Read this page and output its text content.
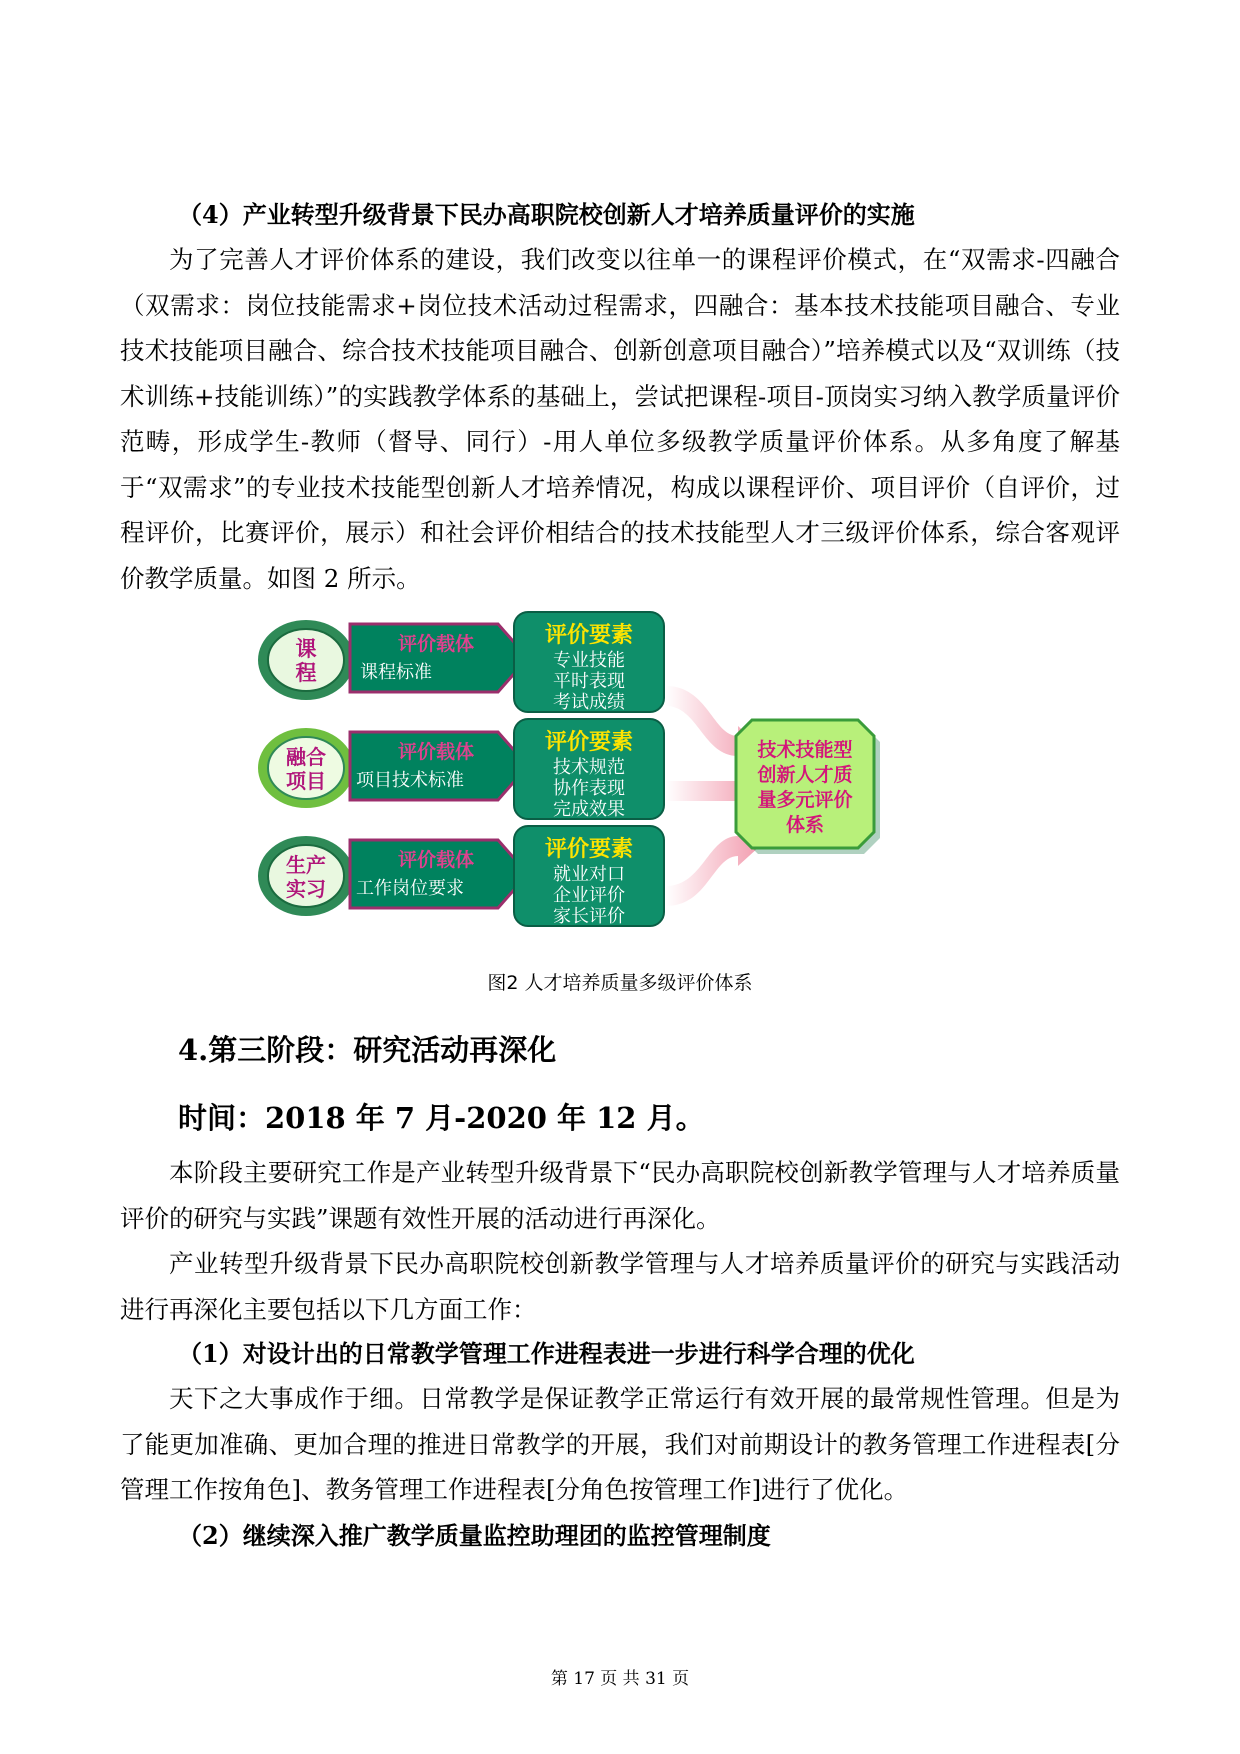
（4）产业转型升级背景下民办高职院校创新人才培养质量评价的实施
为了完善人才评价体系的建设，我们改变以往单一的课程评价模式，在“双需求-四融合（双需求：岗位技能需求+岗位技术活动过程需求，四融合：基本技术技能项目融合、专业技术技能项目融合、综合技术技能项目融合、创新创意项目融合）”培养模式以及“双训练（技术训练+技能训练）”的实践教学体系的基础上，尝试把课程-项目-顶岗实习纳入教学质量评价范畴，形成学生-教师（督导、同行）-用人单位多级教学质量评价体系。从多角度了解基于“双需求”的专业技术技能型创新人才培养情况，构成以课程评价、项目评价（自评价，过程评价，比赛评价，展示）和社会评价相结合的技术技能型人才三级评价体系，综合客观评价教学质量。如图 2 所示。
课
程
融合
项目
生产
实习
评价载体
评价载体
评价载体
评价要素
评价要素
评价要素
技术技能型
创新人才质
量多元评价
体系
课程标准
项目技术标准
工作岗位要求
专业技能
平时表现
考试成绩
技术规范
协作表现
完成效果
就业对口
企业评价
家长评价
图2 人才培养质量多级评价体系
4.第三阶段：研究活动再深化
时间：2018 年 7 月-2020 年 12 月。
本阶段主要研究工作是产业转型升级背景下“民办高职院校创新教学管理与人才培养质量评价的研究与实践”课题有效性开展的活动进行再深化。
产业转型升级背景下民办高职院校创新教学管理与人才培养质量评价的研究与实践活动进行再深化主要包括以下几方面工作：
（1）对设计出的日常教学管理工作进程表进一步进行科学合理的优化
天下之大事成作于细。日常教学是保证教学正常运行有效开展的最常规性管理。但是为了能更加准确、更加合理的推进日常教学的开展，我们对前期设计的教务管理工作进程表[分管理工作按角色]、教务管理工作进程表[分角色按管理工作]进行了优化。
（2）继续深入推广教学质量监控助理团的监控管理制度
第 17 页 共 31 页
